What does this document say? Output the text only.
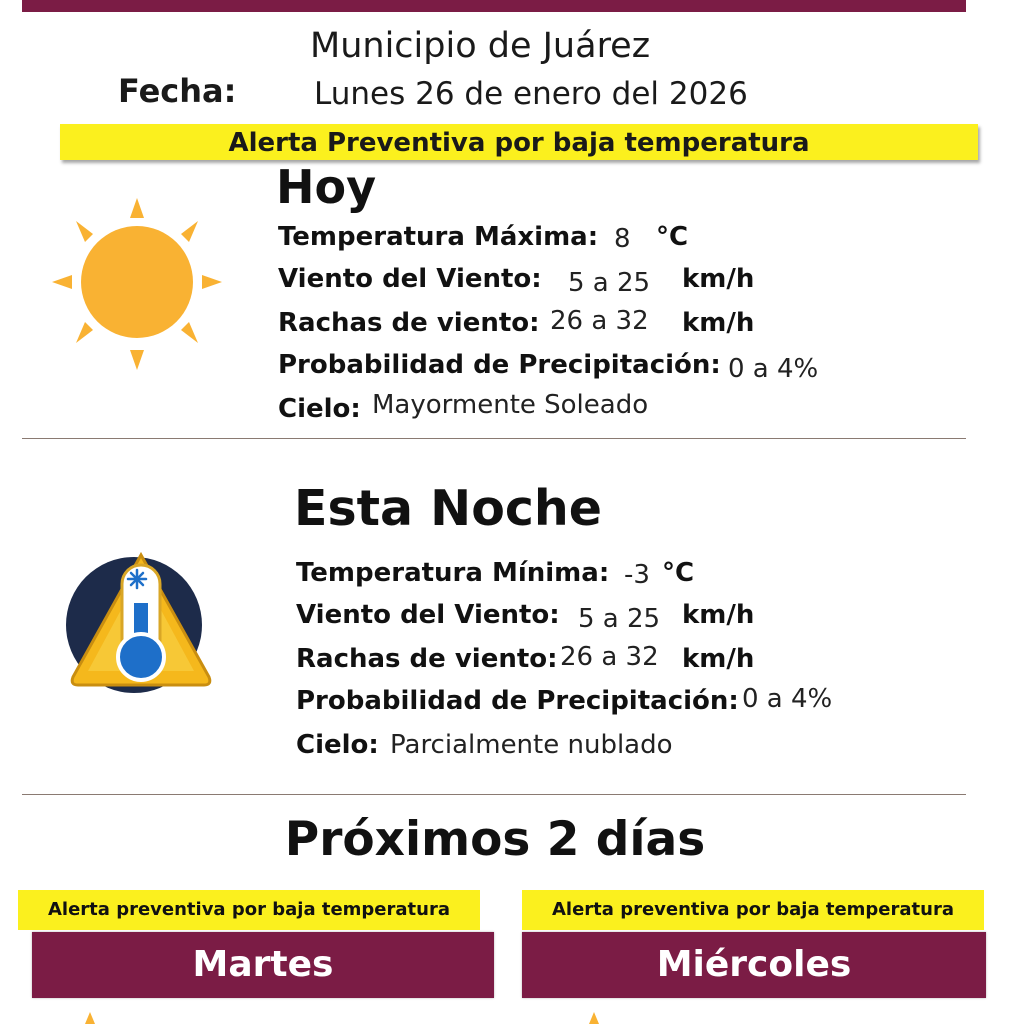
Municipio de Juárez
Fecha:	Lunes 26 de enero del 2026
Alerta Preventiva por baja temperatura
Hoy
Temperatura Máxima: 8 °C
Viento del Viento: 5 a 25 km/h
Rachas de viento: 26 a 32 km/h
Probabilidad de Precipitación: 0 a 4%
Cielo: Mayormente Soleado
Esta Noche
Temperatura Mínima: -3 °C
Viento del Viento: 5 a 25 km/h
Rachas de viento: 26 a 32 km/h
Probabilidad de Precipitación: 0 a 4%
Cielo: Parcialmente nublado
Próximos 2 días
Alerta preventiva por baja temperatura
Martes
Alerta preventiva por baja temperatura
Miércoles
